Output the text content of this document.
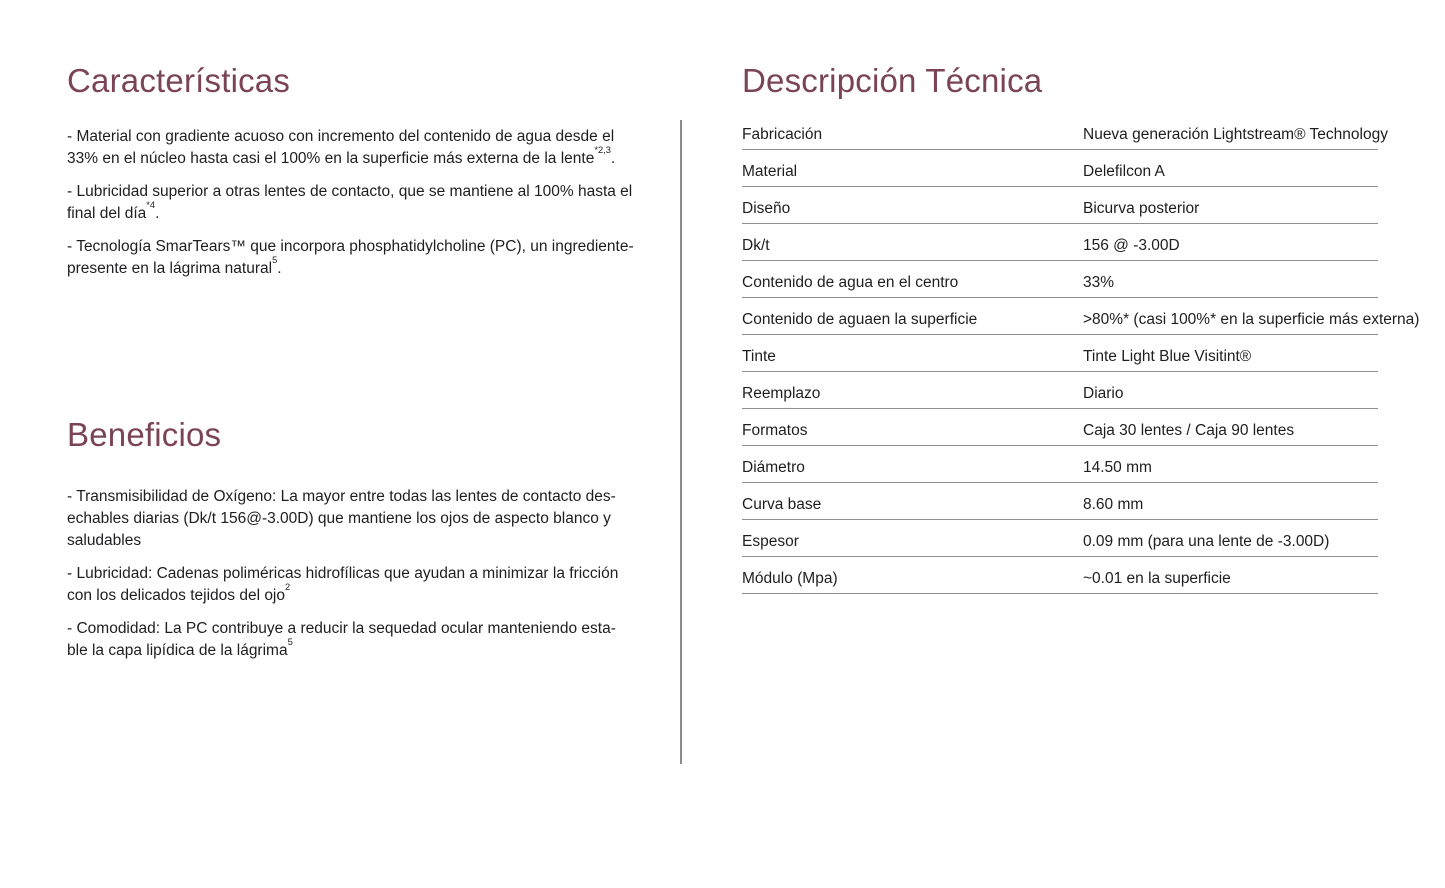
Características

- Material con gradiente acuoso con incremento del contenido de agua desde el
33% en el núcleo hasta casi el 100% en la superficie más externa de la lente$^{*2,3}$.

- Lubricidad superior a otras lentes de contacto, que se mantiene al 100% hasta el
final del día$^{*4}$.

- Tecnología SmarTears™ que incorpora phosphatidylcholine (PC), un ingrediente-
presente en la lágrima natural$^5$.

Beneficios

- Transmisibilidad de Oxígeno: La mayor entre todas las lentes de contacto des-
echables diarias (Dk/t 156@-3.00D) que mantiene los ojos de aspecto blanco y
saludables

- Lubricidad: Cadenas poliméricas hidrofílicas que ayudan a minimizar la fricción
con los delicados tejidos del ojo$^2$

- Comodidad: La PC contribuye a reducir la sequedad ocular manteniendo esta-
ble la capa lipídica de la lágrima$^5$

Descripción Técnica
Fabricación	Nueva generación Lightstream® Technology
Material	Delefilcon A
Diseño	Bicurva posterior
Dk/t	156 @ -3.00D
Contenido de agua en el centro	33%
Contenido de aguaen la superficie	>80%* (casi 100%* en la superficie más externa)
Tinte	Tinte Light Blue Visitint®
Reemplazo	Diario
Formatos	Caja 30 lentes / Caja 90 lentes
Diámetro	14.50 mm
Curva base	8.60 mm
Espesor	0.09 mm (para una lente de -3.00D)
Módulo (Mpa)	~0.01 en la superficie
